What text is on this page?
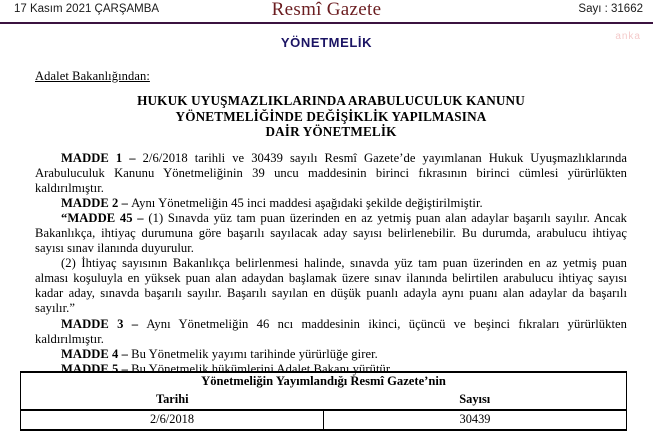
17 Kasım 2021 ÇARŞAMBA	Resmî Gazete	Sayı : 31662
YÖNETMELİK	anka
Adalet Bakanlığından:
HUKUK UYUŞMAZLIKLARINDA ARABULUCULUK KANUNU
YÖNETMELİĞİNDE DEĞİŞİKLİK YAPILMASINA
DAİR YÖNETMELİK

MADDE 1 – 2/6/2018 tarihli ve 30439 sayılı Resmî Gazete’de yayımlanan Hukuk Uyuşmazlıklarında Arabuluculuk Kanunu Yönetmeliğinin 39 uncu maddesinin birinci fıkrasının birinci cümlesi yürürlükten kaldırılmıştır.

MADDE 2 – Aynı Yönetmeliğin 45 inci maddesi aşağıdaki şekilde değiştirilmiştir.

“MADDE 45 – (1) Sınavda yüz tam puan üzerinden en az yetmiş puan alan adaylar başarılı sayılır. Ancak Bakanlıkça, ihtiyaç durumuna göre başarılı sayılacak aday sayısı belirlenebilir. Bu durumda, arabulucu ihtiyaç sayısı sınav ilanında duyurulur.

(2) İhtiyaç sayısının Bakanlıkça belirlenmesi halinde, sınavda yüz tam puan üzerinden en az yetmiş puan alması koşuluyla en yüksek puan alan adaydan başlamak üzere sınav ilanında belirtilen arabulucu ihtiyaç sayısı kadar aday, sınavda başarılı sayılır. Başarılı sayılan en düşük puanlı adayla aynı puanı alan adaylar da başarılı sayılır.”

MADDE 3 – Aynı Yönetmeliğin 46 ncı maddesinin ikinci, üçüncü ve beşinci fıkraları yürürlükten kaldırılmıştır.

MADDE 4 – Bu Yönetmelik yayımı tarihinde yürürlüğe girer.

MADDE 5 – Bu Yönetmelik hükümlerini Adalet Bakanı yürütür.

Yönetmeliğin Yayımlandığı Resmî Gazete’nin	
Tarihi	Sayısı
2/6/2018	30439
